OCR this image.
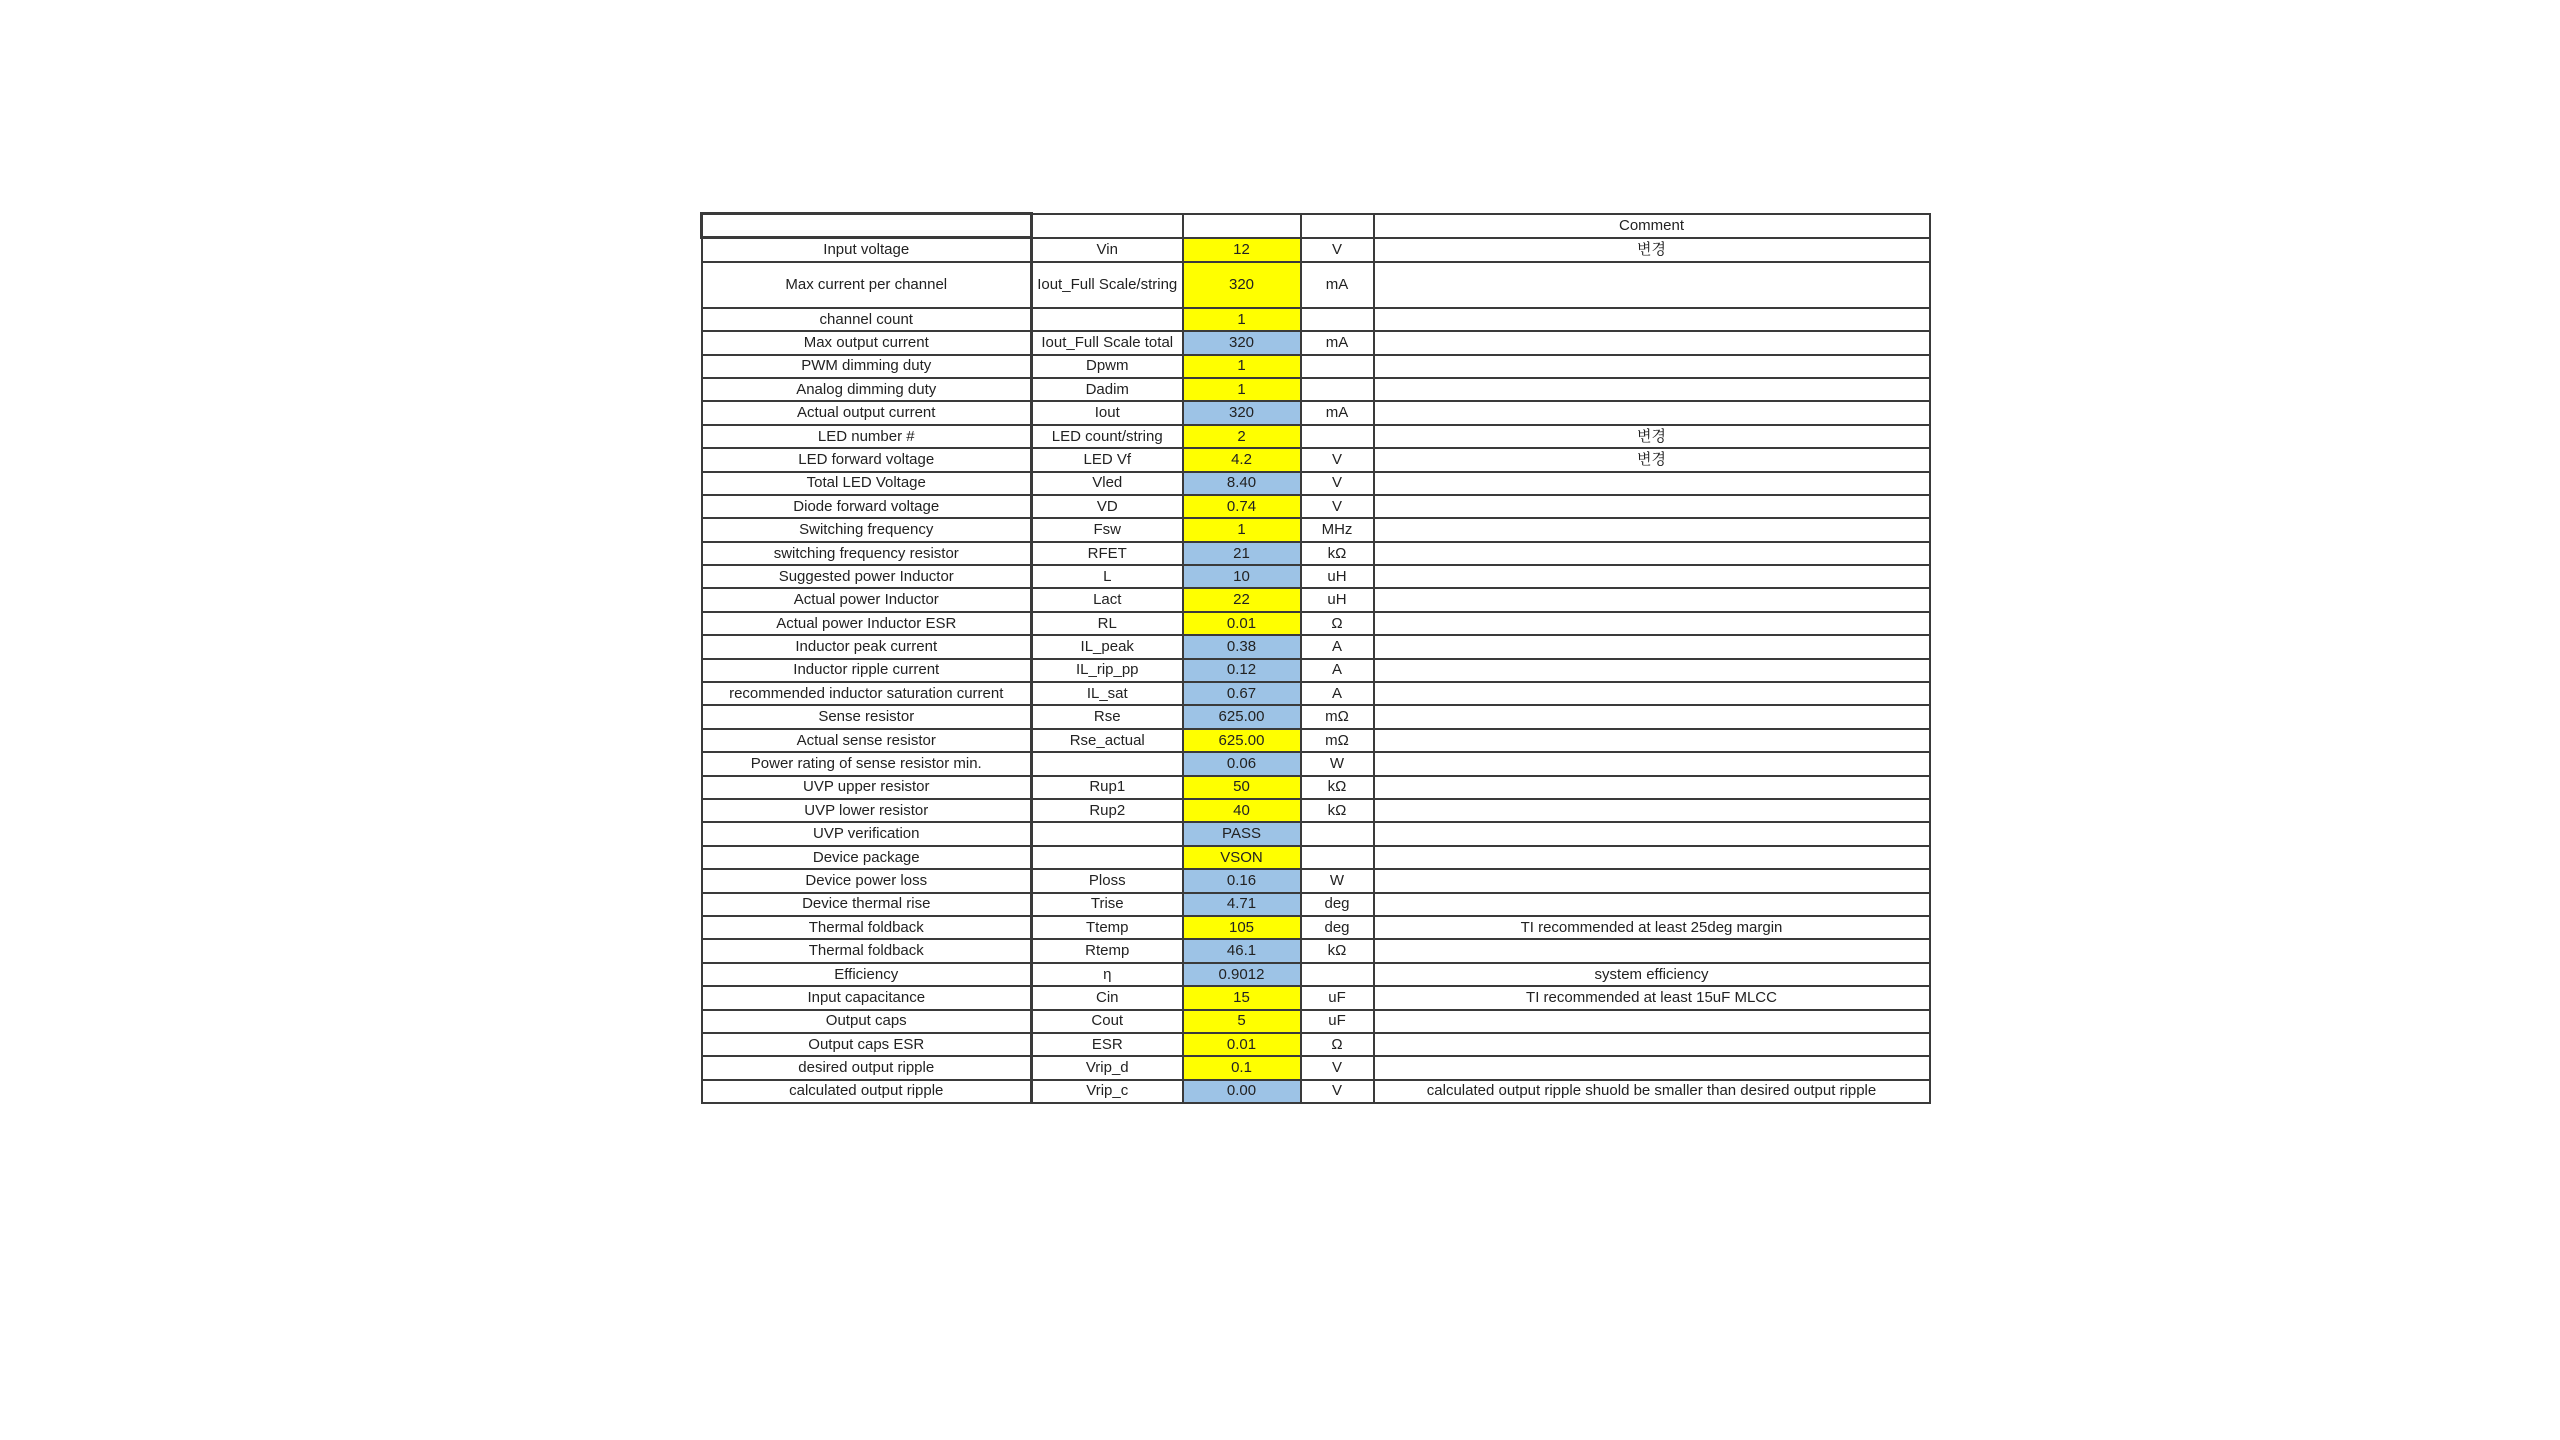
				Comment
Input voltage	Vin	12	V	변경
Max current per channel	Iout_Full Scale/string	320	mA	
channel count		1		
Max output current	Iout_Full Scale total	320	mA	
PWM dimming duty	Dpwm	1		
Analog dimming duty	Dadim	1		
Actual output current	Iout	320	mA	
LED number #	LED count/string	2		변경
LED forward voltage	LED Vf	4.2	V	변경
Total LED Voltage	Vled	8.40	V	
Diode forward voltage	VD	0.74	V	
Switching frequency	Fsw	1	MHz	
switching frequency resistor	RFET	21	kΩ	
Suggested power Inductor	L	10	uH	
Actual power Inductor	Lact	22	uH	
Actual power Inductor ESR	RL	0.01	Ω	
Inductor peak current	IL_peak	0.38	A	
Inductor ripple current	IL_rip_pp	0.12	A	
recommended inductor saturation current	IL_sat	0.67	A	
Sense resistor	Rse	625.00	mΩ	
Actual sense resistor	Rse_actual	625.00	mΩ	
Power rating of sense resistor min.		0.06	W	
UVP upper resistor	Rup1	50	kΩ	
UVP lower resistor	Rup2	40	kΩ	
UVP verification		PASS		
Device package		VSON		
Device power loss	Ploss	0.16	W	
Device thermal rise	Trise	4.71	deg	
Thermal foldback	Ttemp	105	deg	TI recommended at least 25deg margin
Thermal foldback	Rtemp	46.1	kΩ	
Efficiency	η	0.9012		system efficiency
Input capacitance	Cin	15	uF	TI recommended at least 15uF MLCC
Output caps	Cout	5	uF	
Output caps ESR	ESR	0.01	Ω	
desired output ripple	Vrip_d	0.1	V	
calculated output ripple	Vrip_c	0.00	V	calculated output ripple shuold be smaller than desired output ripple
